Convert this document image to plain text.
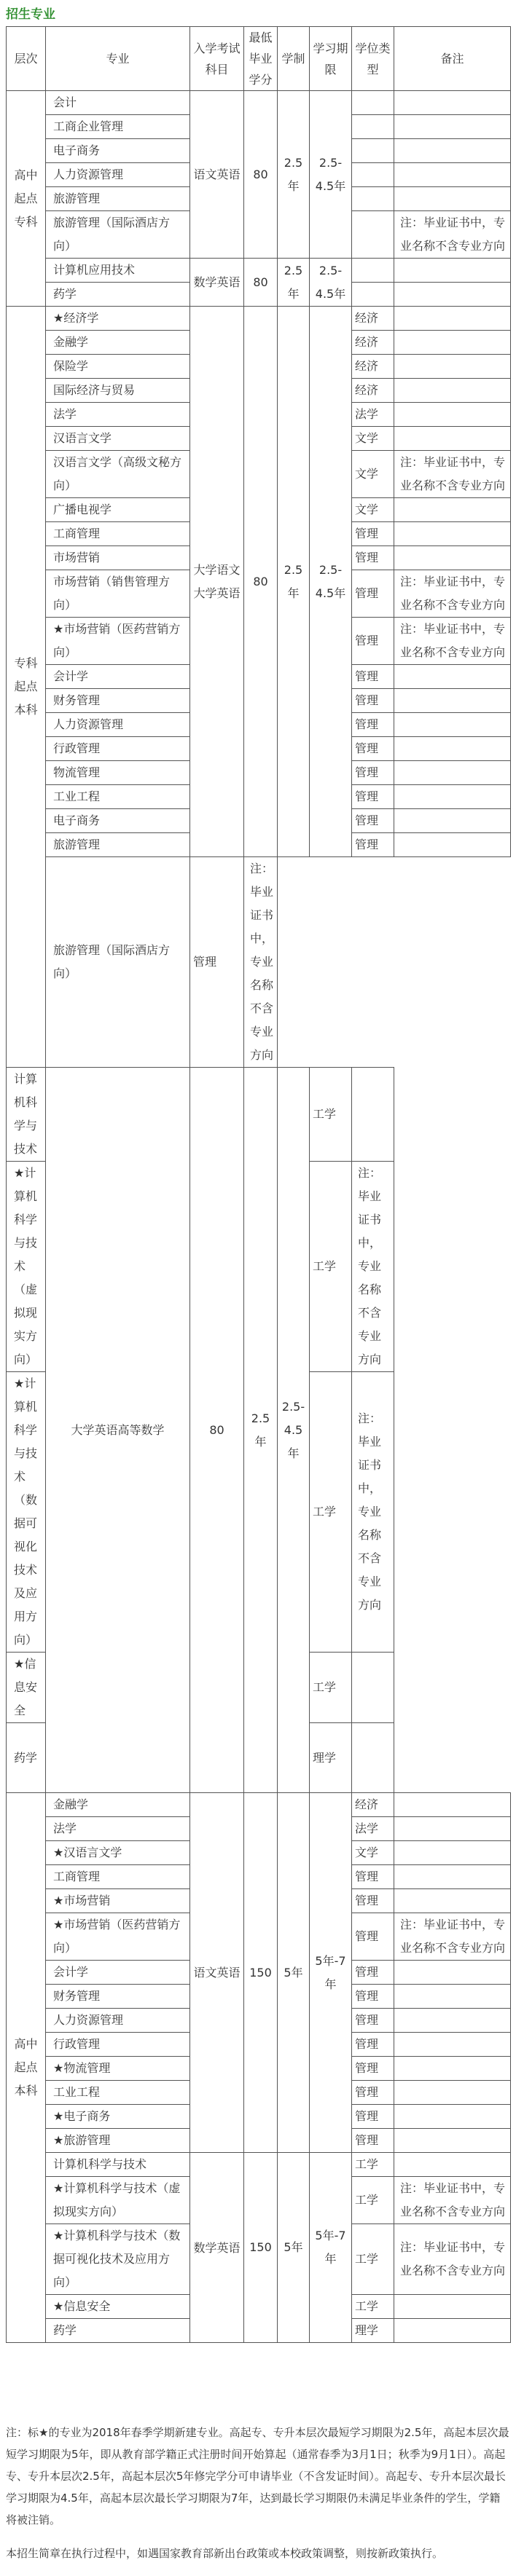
招生专业
层次	专业	入学考试科目	最低毕业学分	学制	学习期限	学位类型	备注
高中起点专科	会计	语文英语	80	2.5年	2.5-4.5年		
	工商企业管理						
	电子商务						
	人力资源管理						
	旅游管理						
	旅游管理（国际酒店方向）						注：毕业证书中，专业名称不含专业方向
	计算机应用技术	数学英语	80	2.5年	2.5-4.5年		
	药学						
专科起点本科	★经济学	大学语文大学英语	80	2.5年	2.5-4.5年	经济	
	金融学					经济	
	保险学					经济	
	国际经济与贸易					经济	
	法学					法学	
	汉语言文学					文学	
	汉语言文学（高级文秘方向）					文学	注：毕业证书中，专业名称不含专业方向
	广播电视学					文学	
	工商管理					管理	
	市场营销					管理	
	市场营销（销售管理方向）					管理	注：毕业证书中，专业名称不含专业方向
	★市场营销（医药营销方向）					管理	注：毕业证书中，专业名称不含专业方向
	会计学					管理	
	财务管理					管理	
	人力资源管理					管理	
	行政管理					管理	
	物流管理					管理	
	工业工程					管理	
	电子商务					管理	
	旅游管理					管理	
	旅游管理（国际酒店方向）	管理	注：毕业证书中，专业名称不含专业方向				
计算机科学与技术	大学英语高等数学	80	2.5年	2.5-4.5年	工学		
★计算机科学与技术（虚拟现实方向）					工学	注：毕业证书中，专业名称不含专业方向	
★计算机科学与技术（数据可视化技术及应用方向）					工学	注：毕业证书中，专业名称不含专业方向	
★信息安全					工学		
药学					理学		
高中起点本科	金融学	语文英语	150	5年	5年-7年	经济	
	法学					法学	
	★汉语言文学					文学	
	工商管理					管理	
	★市场营销					管理	
	★市场营销（医药营销方向）					管理	注：毕业证书中，专业名称不含专业方向
	会计学					管理	
	财务管理					管理	
	人力资源管理					管理	
	行政管理					管理	
	★物流管理					管理	
	工业工程					管理	
	★电子商务					管理	
	★旅游管理					管理	
	计算机科学与技术	数学英语	150	5年	5年-7年	工学	
	★计算机科学与技术（虚拟现实方向）					工学	注：毕业证书中，专业名称不含专业方向
	★计算机科学与技术（数据可视化技术及应用方向）					工学	注：毕业证书中，专业名称不含专业方向
	★信息安全					工学	
	药学					理学	

注：标★的专业为2018年春季学期新建专业。高起专、专升本层次最短学习期限为2.5年，高起本层次最短学习期限为5年，即从教育部学籍正式注册时间开始算起（通常春季为3月1日；秋季为9月1日）。高起专、专升本层次2.5年，高起本层次5年修完学分可申请毕业（不含发证时间）。高起专、专升本层次最长学习期限为4.5年，高起本层次最长学习期限为7年，达到最长学习期限仍未满足毕业条件的学生，学籍将被注销。

本招生简章在执行过程中，如遇国家教育部新出台政策或本校政策调整，则按新政策执行。
